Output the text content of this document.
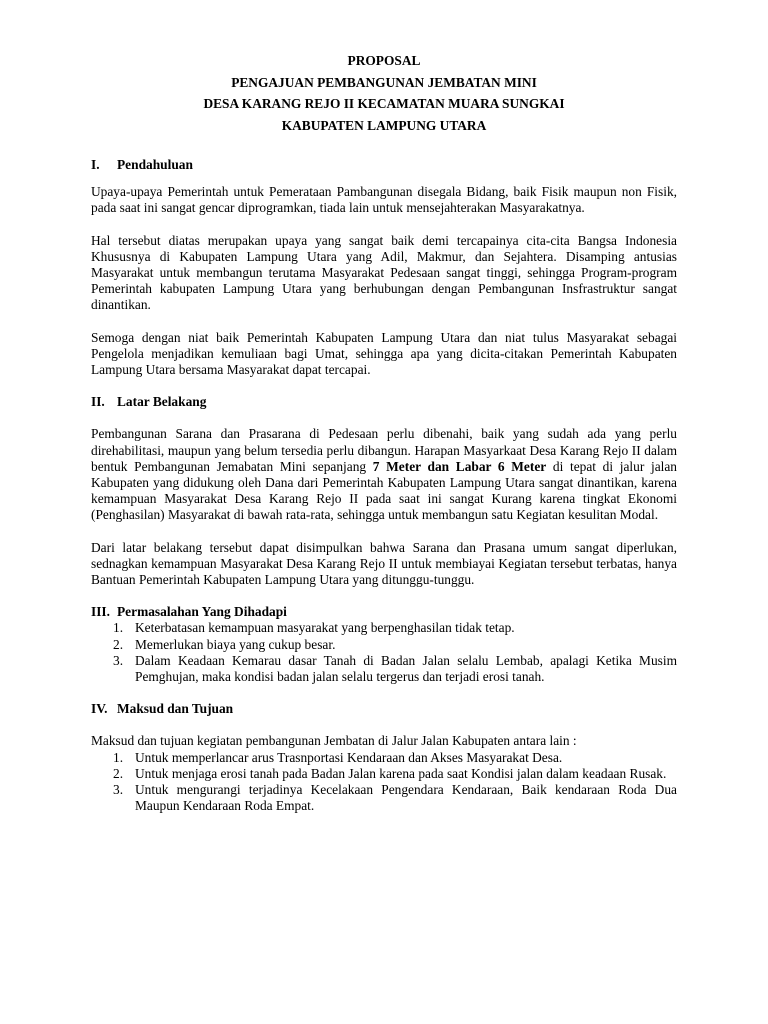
PROPOSAL
PENGAJUAN PEMBANGUNAN JEMBATAN MINI
DESA KARANG REJO II KECAMATAN MUARA SUNGKAI
KABUPATEN LAMPUNG UTARA
I. Pendahuluan

Upaya-upaya Pemerintah untuk Pemerataan Pambangunan disegala Bidang, baik Fisik maupun non Fisik, pada saat ini sangat gencar diprogramkan, tiada lain untuk mensejahterakan Masyarakatnya.

Hal tersebut diatas merupakan upaya yang sangat baik demi tercapainya cita-cita Bangsa Indonesia Khususnya di Kabupaten Lampung Utara yang Adil, Makmur, dan Sejahtera. Disamping antusias Masyarakat untuk membangun terutama Masyarakat Pedesaan sangat tinggi, sehingga Program-program Pemerintah kabupaten Lampung Utara yang berhubungan dengan Pembangunan Insfrastruktur sangat dinantikan.

Semoga dengan niat baik Pemerintah Kabupaten Lampung Utara dan niat tulus Masyarakat sebagai Pengelola menjadikan kemuliaan bagi Umat, sehingga apa yang dicita-citakan Pemerintah Kabupaten Lampung Utara bersama Masyarakat dapat tercapai.

II. Latar Belakang

Pembangunan Sarana dan Prasarana di Pedesaan perlu dibenahi, baik yang sudah ada yang perlu direhabilitasi, maupun yang belum tersedia perlu dibangun. Harapan Masyarkaat Desa Karang Rejo II dalam bentuk Pembangunan Jemabatan Mini sepanjang 7 Meter dan Labar 6 Meter di tepat di jalur jalan Kabupaten yang didukung oleh Dana dari Pemerintah Kabupaten Lampung Utara sangat dinantikan, karena kemampuan Masyarakat Desa Karang Rejo II pada saat ini sangat Kurang karena tingkat Ekonomi (Penghasilan) Masyarakat di bawah rata-rata, sehingga untuk membangun satu Kegiatan kesulitan Modal.

Dari latar belakang tersebut dapat disimpulkan bahwa Sarana dan Prasana umum sangat diperlukan, sednagkan kemampuan Masyarakat Desa Karang Rejo II untuk membiayai Kegiatan tersebut terbatas, hanya Bantuan Pemerintah Kabupaten Lampung Utara yang ditunggu-tunggu.

III. Permasalahan Yang Dihadapi
1. Keterbatasan kemampuan masyarakat yang berpenghasilan tidak tetap.
2. Memerlukan biaya yang cukup besar.
3. Dalam Keadaan Kemarau dasar Tanah di Badan Jalan selalu Lembab, apalagi Ketika Musim Pemghujan, maka kondisi badan jalan selalu tergerus dan terjadi erosi tanah.
IV. Maksud dan Tujuan

Maksud dan tujuan kegiatan pembangunan Jembatan di Jalur Jalan Kabupaten antara lain :

1. Untuk memperlancar arus Trasnportasi Kendaraan dan Akses Masyarakat Desa.
2. Untuk menjaga erosi tanah pada Badan Jalan karena pada saat Kondisi jalan dalam keadaan Rusak.
3. Untuk mengurangi terjadinya Kecelakaan Pengendara Kendaraan, Baik kendaraan Roda Dua Maupun Kendaraan Roda Empat.
